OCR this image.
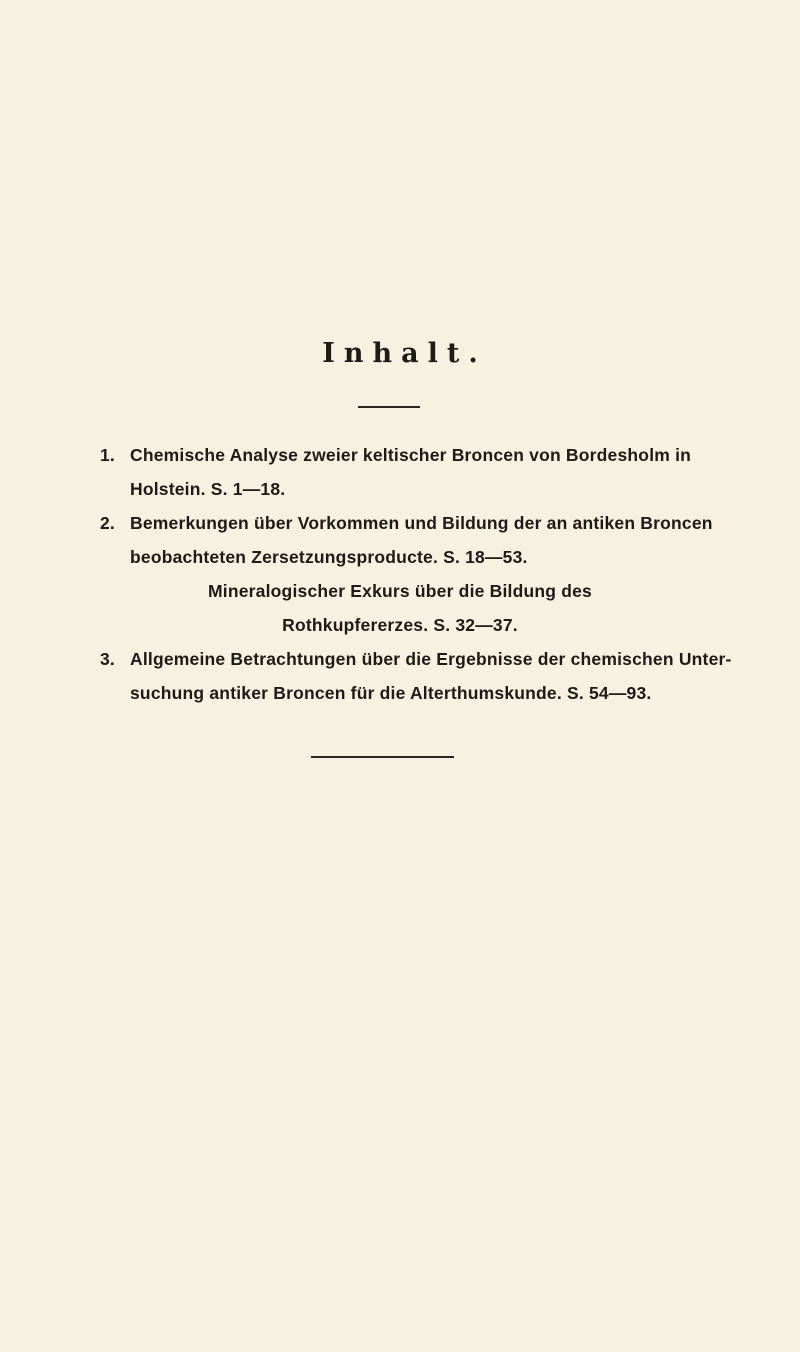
Inhalt.
1. Chemische Analyse zweier keltischer Broncen von Bordesholm in
Holstein. S. 1—18.
2. Bemerkungen über Vorkommen und Bildung der an antiken Broncen
beobachteten Zersetzungsproducte. S. 18—53.
Mineralogischer Exkurs über die Bildung des
Rothkupfererzes. S. 32—37.
3. Allgemeine Betrachtungen über die Ergebnisse der chemischen Unter-
suchung antiker Broncen für die Alterthumskunde. S. 54—93.
